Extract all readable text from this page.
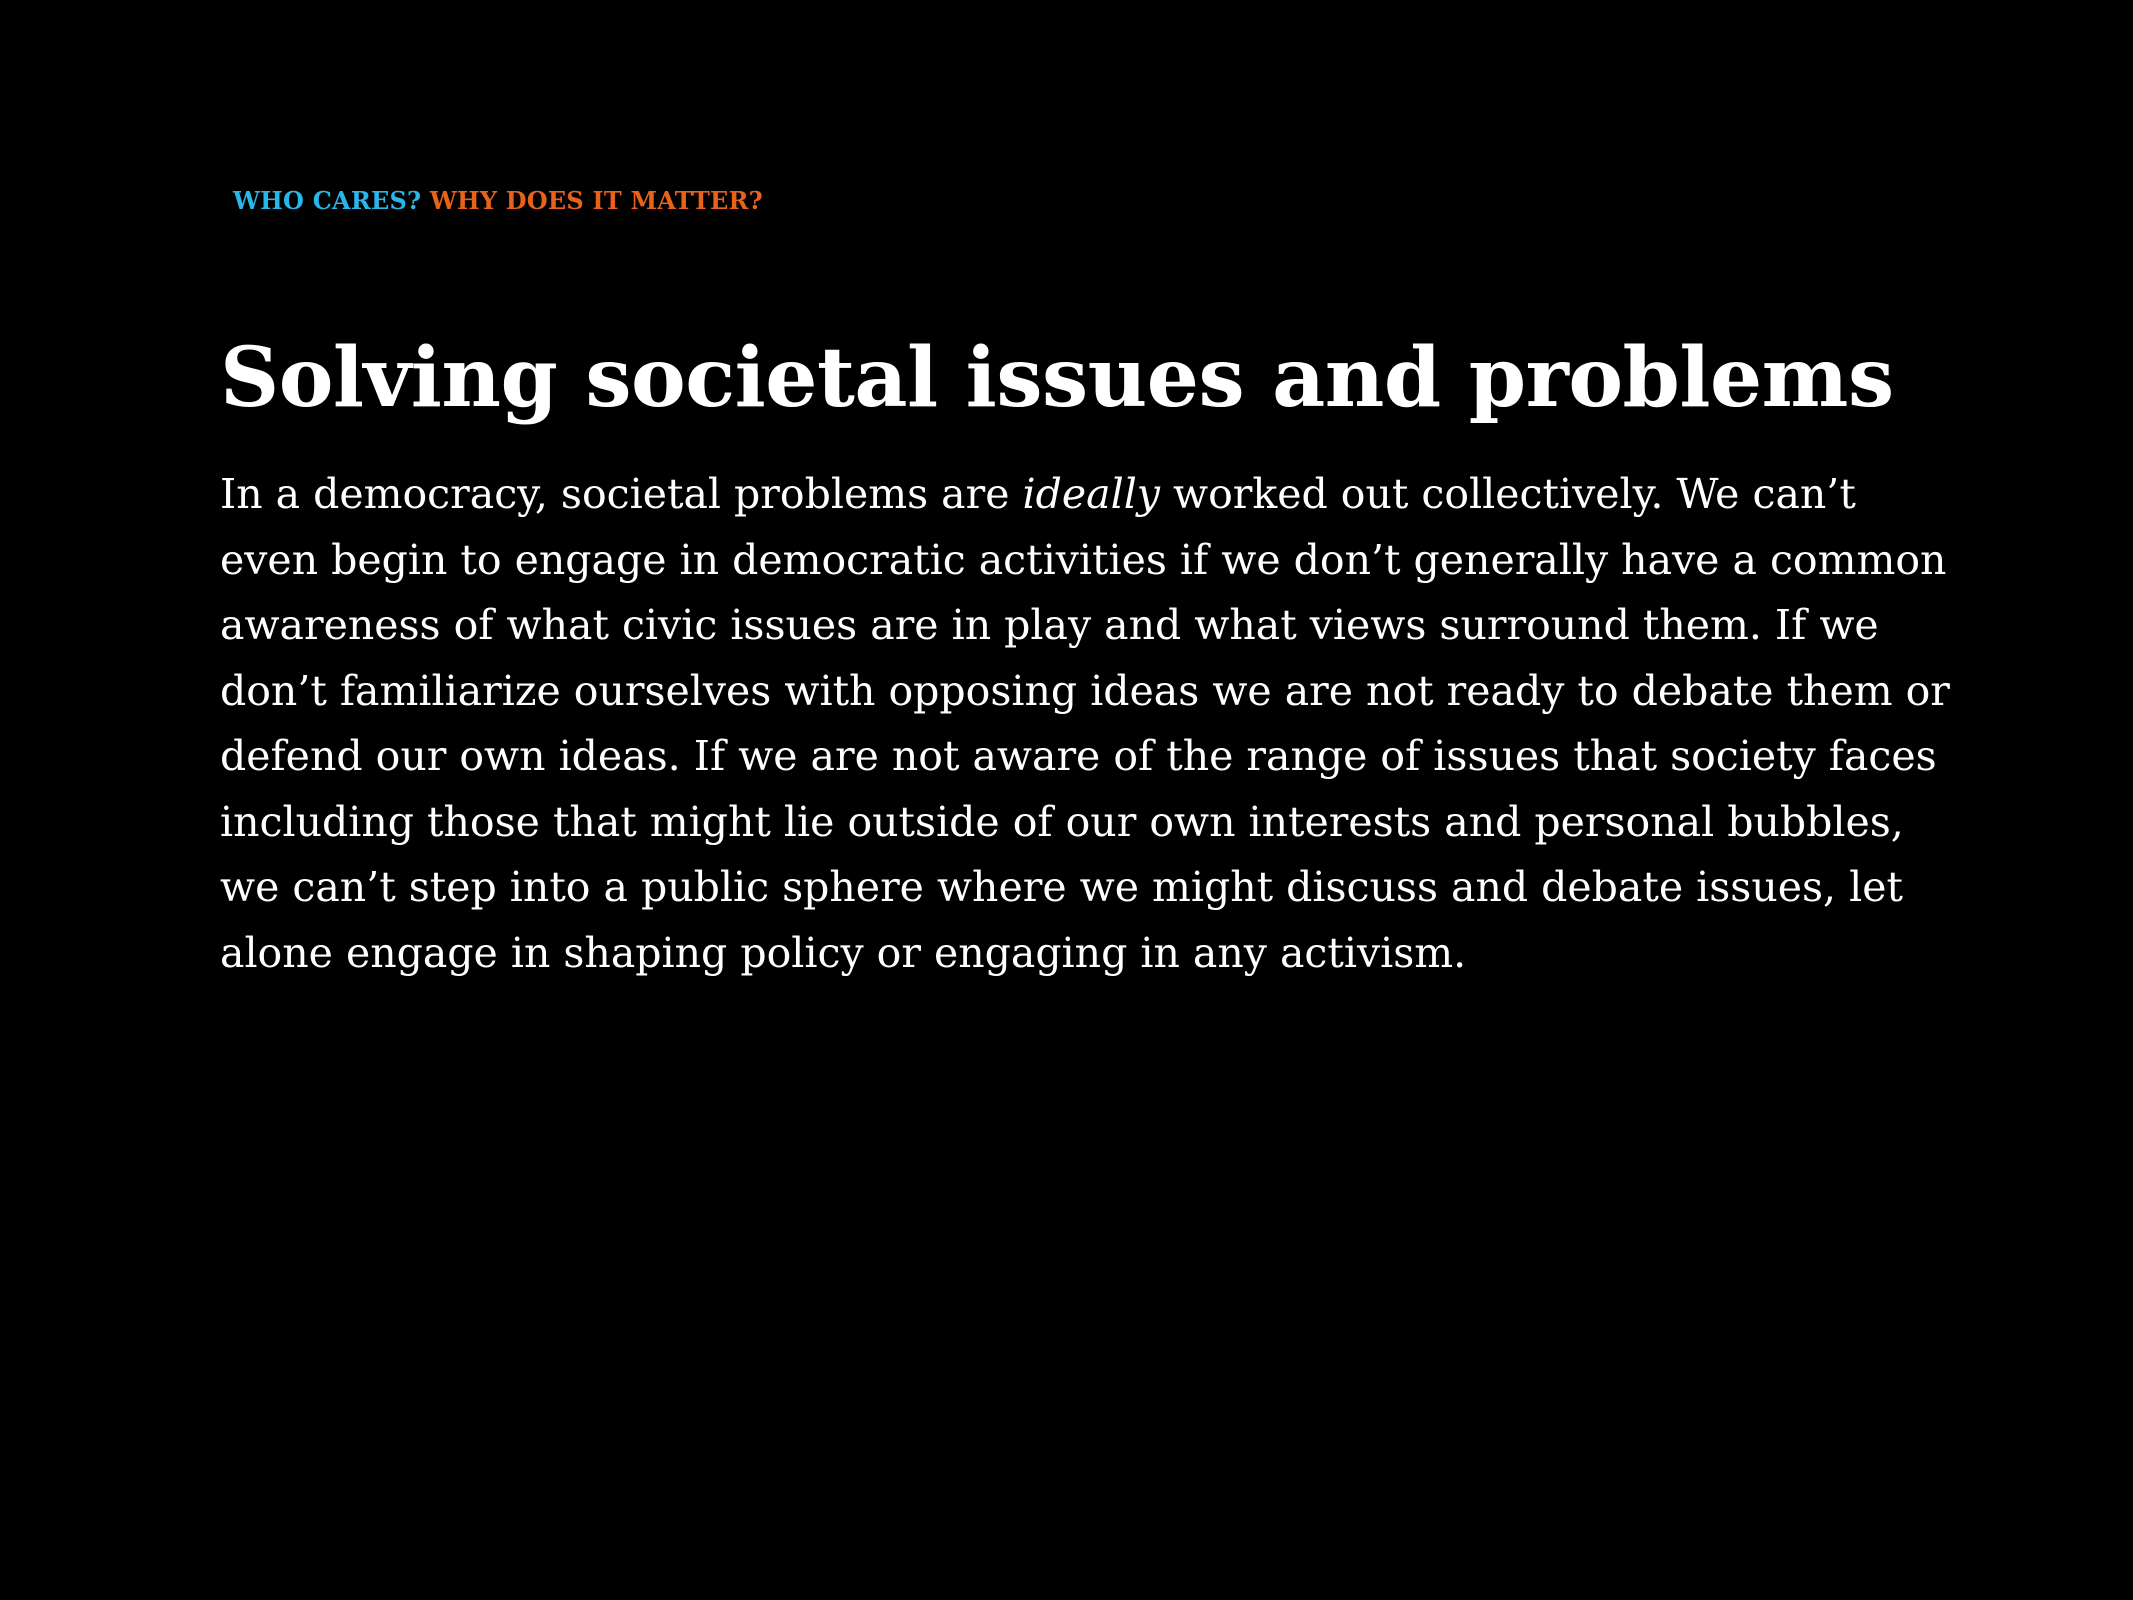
WHO CARES? WHY DOES IT MATTER?
Solving societal issues and problems

In a democracy, societal problems are ideally worked out collectively. We can’t
even begin to engage in democratic activities if we don’t generally have a common
awareness of what civic issues are in play and what views surround them. If we
don’t familiarize ourselves with opposing ideas we are not ready to debate them or
defend our own ideas. If we are not aware of the range of issues that society faces
including those that might lie outside of our own interests and personal bubbles,
we can’t step into a public sphere where we might discuss and debate issues, let
alone engage in shaping policy or engaging in any activism.
